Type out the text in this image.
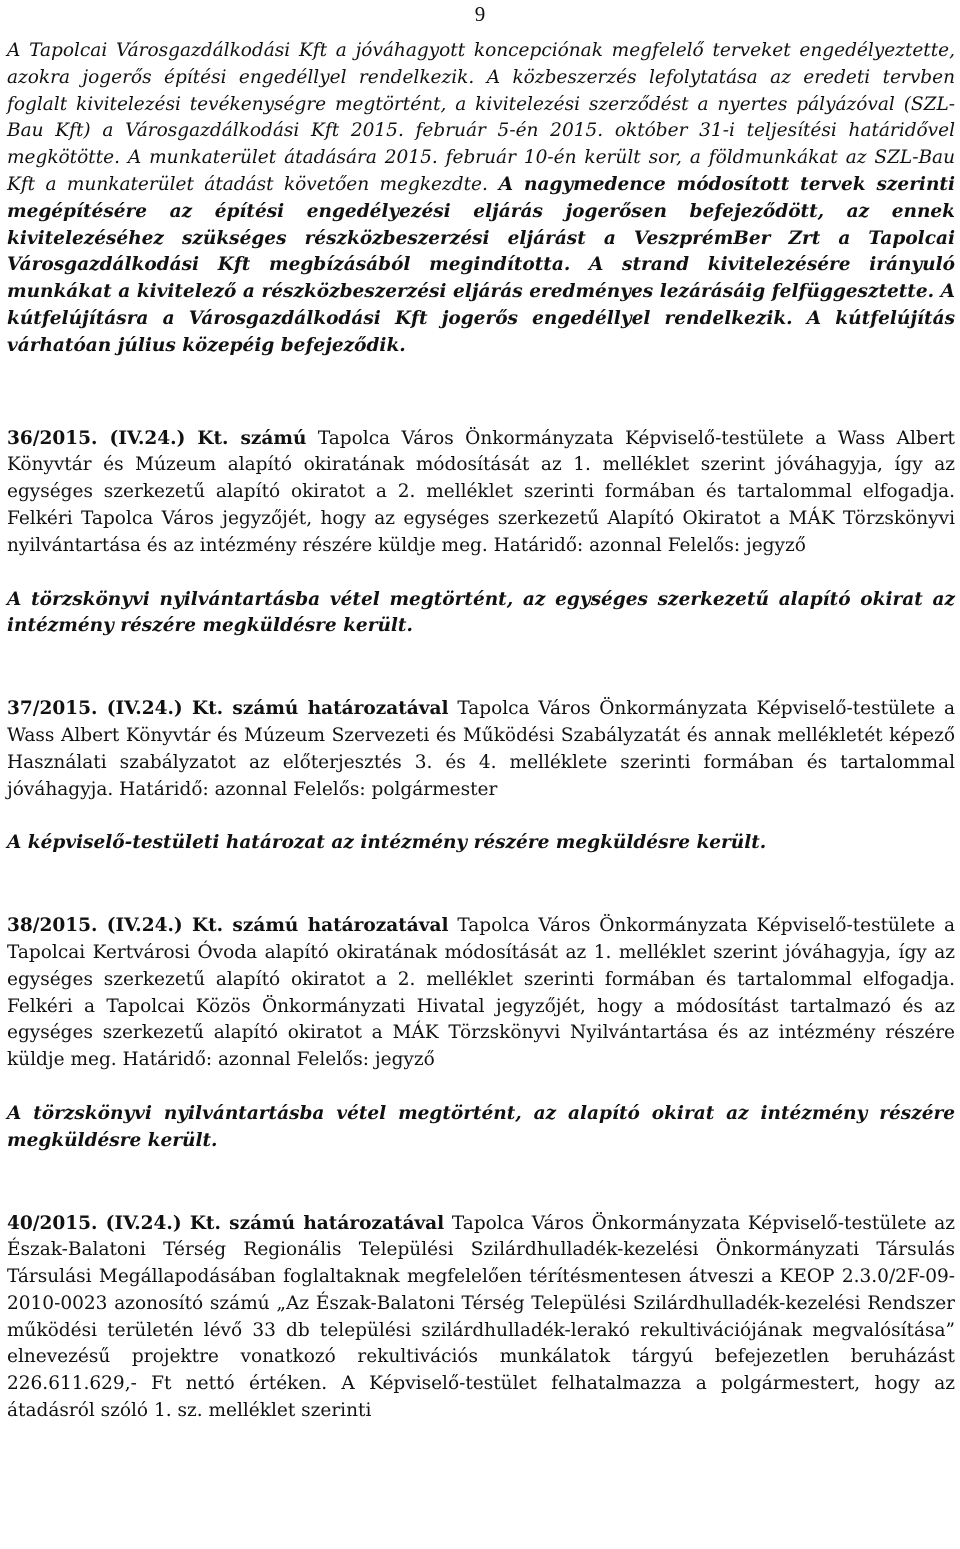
9

A Tapolcai Városgazdálkodási Kft a jóváhagyott koncepciónak megfelelő terveket engedélyeztette, azokra jogerős építési engedéllyel rendelkezik. A közbeszerzés lefolytatása az eredeti tervben foglalt kivitelezési tevékenységre megtörtént, a kivitelezési szerződést a nyertes pályázóval (SZL-Bau Kft) a Városgazdálkodási Kft 2015. február 5-én 2015. október 31-i teljesítési határidővel megkötötte. A munkaterület átadására 2015. február 10-én került sor, a földmunkákat az SZL-Bau Kft a munkaterület átadást követően megkezdte. A nagymedence módosított tervek szerinti megépítésére az építési engedélyezési eljárás jogerősen befejeződött, az ennek kivitelezéséhez szükséges részközbeszerzési eljárást a VeszprémBer Zrt a Tapolcai Városgazdálkodási Kft megbízásából megindította. A strand kivitelezésére irányuló munkákat a kivitelező a részközbeszerzési eljárás eredményes lezárásáig felfüggesztette. A kútfelújításra a Városgazdálkodási Kft jogerős engedéllyel rendelkezik. A kútfelújítás várhatóan július közepéig befejeződik.

36/2015. (IV.24.) Kt. számú Tapolca Város Önkormányzata Képviselő-testülete a Wass Albert Könyvtár és Múzeum alapító okiratának módosítását az 1. melléklet szerint jóváhagyja, így az egységes szerkezetű alapító okiratot a 2. melléklet szerinti formában és tartalommal elfogadja. Felkéri Tapolca Város jegyzőjét, hogy az egységes szerkezetű Alapító Okiratot a MÁK Törzskönyvi nyilvántartása és az intézmény részére küldje meg. Határidő: azonnal Felelős: jegyző

A törzskönyvi nyilvántartásba vétel megtörtént, az egységes szerkezetű alapító okirat az intézmény részére megküldésre került.

37/2015. (IV.24.) Kt. számú határozatával Tapolca Város Önkormányzata Képviselő-testülete a Wass Albert Könyvtár és Múzeum Szervezeti és Működési Szabályzatát és annak mellékletét képező Használati szabályzatot az előterjesztés 3. és 4. melléklete szerinti formában és tartalommal jóváhagyja. Határidő: azonnal Felelős: polgármester

A képviselő-testületi határozat az intézmény részére megküldésre került.

38/2015. (IV.24.) Kt. számú határozatával Tapolca Város Önkormányzata Képviselő-testülete a Tapolcai Kertvárosi Óvoda alapító okiratának módosítását az 1. melléklet szerint jóváhagyja, így az egységes szerkezetű alapító okiratot a 2. melléklet szerinti formában és tartalommal elfogadja. Felkéri a Tapolcai Közös Önkormányzati Hivatal jegyzőjét, hogy a módosítást tartalmazó és az egységes szerkezetű alapító okiratot a MÁK Törzskönyvi Nyilvántartása és az intézmény részére küldje meg. Határidő: azonnal Felelős: jegyző

A törzskönyvi nyilvántartásba vétel megtörtént, az alapító okirat az intézmény részére megküldésre került.

40/2015. (IV.24.) Kt. számú határozatával Tapolca Város Önkormányzata Képviselő-testülete az Észak-Balatoni Térség Regionális Települési Szilárdhulladék-kezelési Önkormányzati Társulás Társulási Megállapodásában foglaltaknak megfelelően térítésmentesen átveszi a KEOP 2.3.0/2F-09-2010-0023 azonosító számú „Az Észak-Balatoni Térség Települési Szilárdhulladék-kezelési Rendszer működési területén lévő 33 db települési szilárdhulladék-lerakó rekultivációjának megvalósítása” elnevezésű projektre vonatkozó rekultivációs munkálatok tárgyú befejezetlen beruházást 226.611.629,- Ft nettó értéken. A Képviselő-testület felhatalmazza a polgármestert, hogy az átadásról szóló 1. sz. melléklet szerinti
